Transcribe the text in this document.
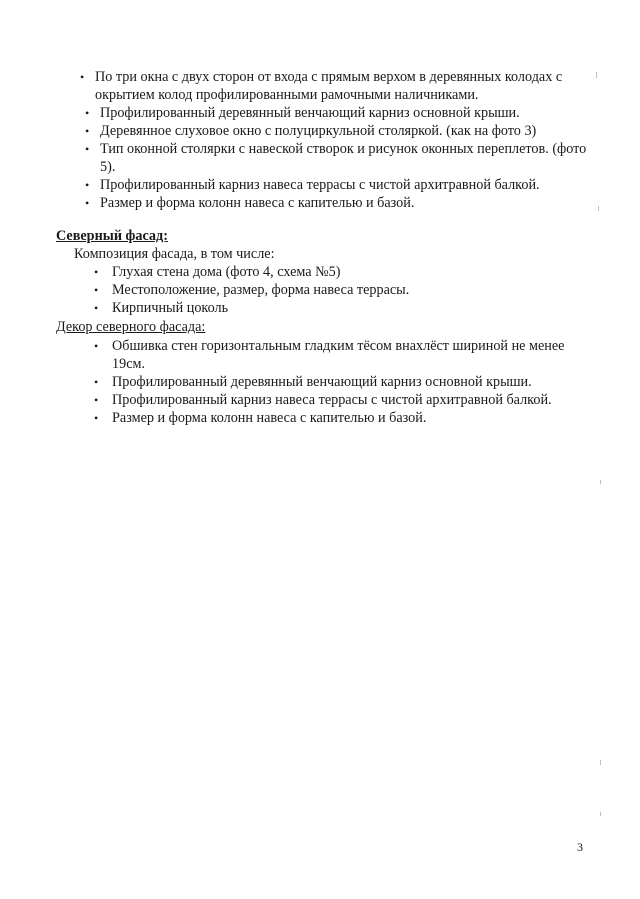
• По три окна с двух сторон от входа с прямым верхом в деревянных колодах с окрытием колод профилированными рамочными наличниками.
• Профилированный деревянный венчающий карниз основной крыши.
• Деревянное слуховое окно с полуциркульной столяркой. (как на фото 3)
• Тип оконной столярки с навеской створок и рисунок оконных переплетов. (фото 5).
• Профилированный карниз навеса террасы с чистой архитравной балкой.
• Размер и форма колонн навеса с капителью и базой.
Северный фасад:
Композиция фасада, в том числе:
• Глухая стена дома (фото 4, схема №5)
• Местоположение, размер, форма навеса террасы.
• Кирпичный цоколь
Декор северного фасада:
• Обшивка стен горизонтальным гладким тёсом внахлёст шириной не менее 19см.
• Профилированный деревянный венчающий карниз основной крыши.
• Профилированный карниз навеса террасы с чистой архитравной балкой.
• Размер и форма колонн навеса с капителью и базой.
3
